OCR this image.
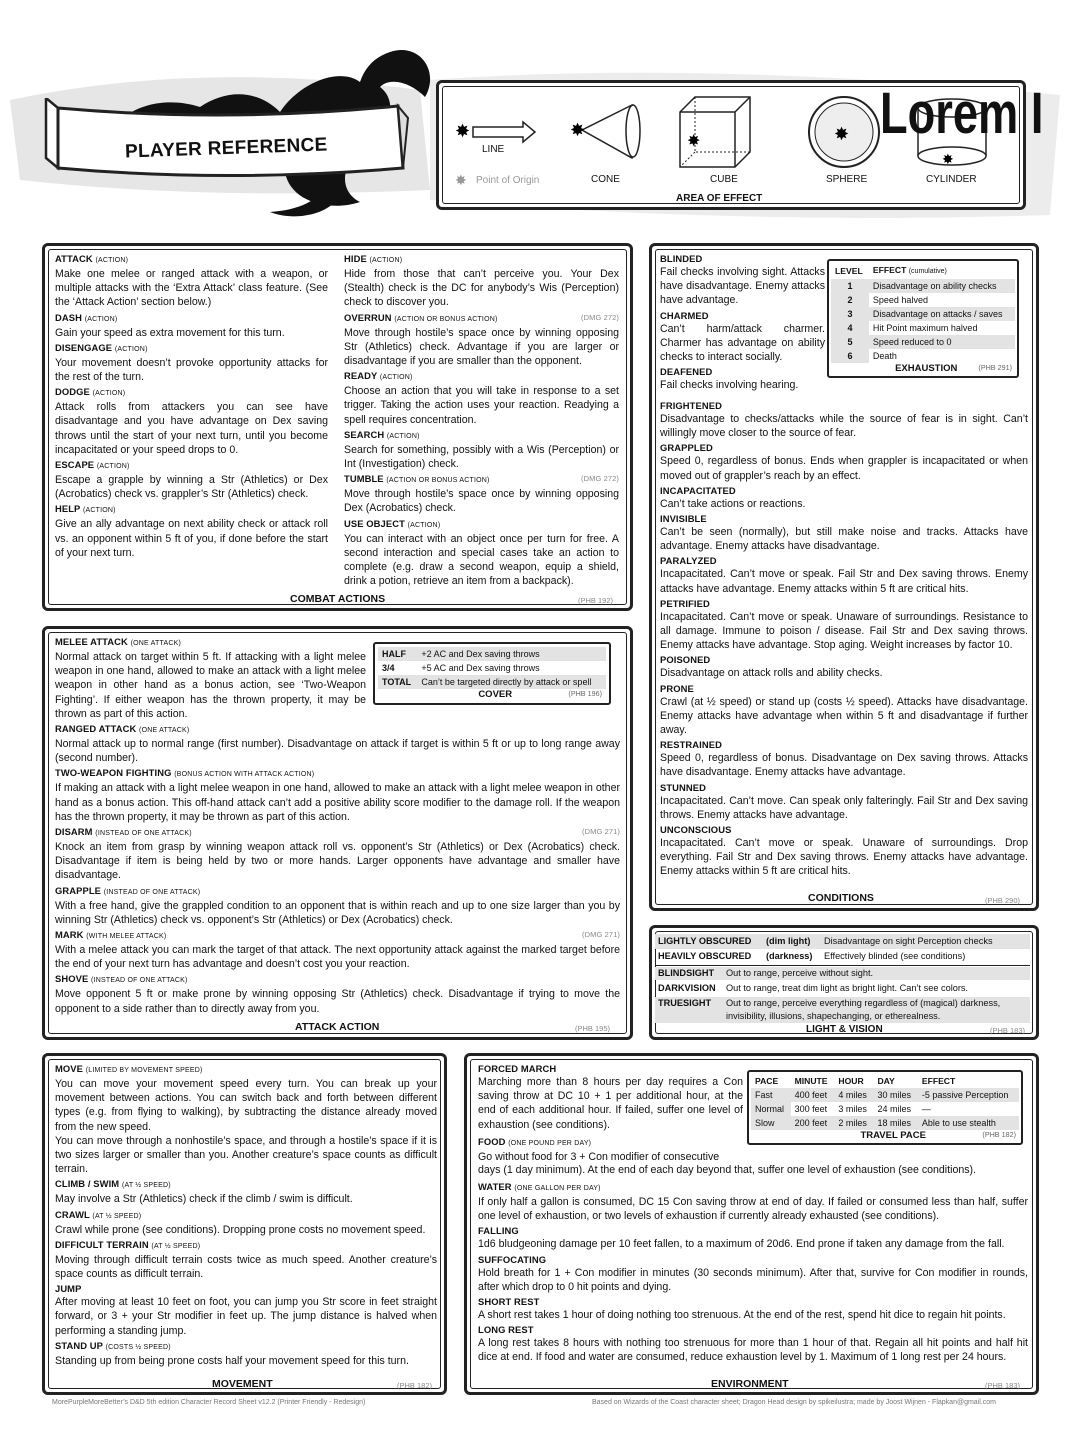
PLAYER REFERENCE
✸
LINE
✸ Point of Origin
✸
CONE
✸
CUBE
✸
SPHERE
✸
CYLINDER
AREA OF EFFECT
Lorem I
ATTACK (ACTION)
Make one melee or ranged attack with a weapon, or multiple attacks with the ‘Extra Attack’ class feature. (See the ‘Attack Action’ section below.)
DASH (ACTION)
Gain your speed as extra movement for this turn.
DISENGAGE (ACTION)
Your movement doesn’t provoke opportunity attacks for the rest of the turn.
DODGE (ACTION)
Attack rolls from attackers you can see have disadvantage and you have advantage on Dex saving throws until the start of your next turn, until you become incapacitated or your speed drops to 0.
ESCAPE (ACTION)
Escape a grapple by winning a Str (Athletics) or Dex (Acrobatics) check vs. grappler’s Str (Athletics) check.
HELP (ACTION)
Give an ally advantage on next ability check or attack roll vs. an opponent within 5 ft of you, if done before the start of your next turn.
HIDE (ACTION)
Hide from those that can’t perceive you. Your Dex (Stealth) check is the DC for anybody’s Wis (Perception) check to discover you.
OVERRUN (ACTION OR BONUS ACTION)	(DMG 272)
Move through hostile’s space once by winning opposing Str (Athletics) check. Advantage if you are larger or disadvantage if you are smaller than the opponent.
READY (ACTION)
Choose an action that you will take in response to a set trigger. Taking the action uses your reaction. Readying a spell requires concentration.
SEARCH (ACTION)
Search for something, possibly with a Wis (Perception) or Int (Investigation) check.
TUMBLE (ACTION OR BONUS ACTION)	(DMG 272)
Move through hostile’s space once by winning opposing Dex (Acrobatics) check.
USE OBJECT (ACTION)
You can interact with an object once per turn for free. A second interaction and special cases take an action to complete (e.g. draw a second weapon, equip a shield, drink a potion, retrieve an item from a backpack).
COMBAT ACTIONS	(PHB 192)
MELEE ATTACK (ONE ATTACK)
Normal attack on target within 5 ft. If attacking with a light melee weapon in one hand, allowed to make an attack with a light melee weapon in other hand as a bonus action, see ‘Two-Weapon Fighting’. If either weapon has the thrown property, it may be thrown as part of this action.
HALF	+2 AC and Dex saving throws
3/4	+5 AC and Dex saving throws
TOTAL	Can’t be targeted directly by attack or spell
COVER	(PHB 196)
RANGED ATTACK (ONE ATTACK)
Normal attack up to normal range (first number). Disadvantage on attack if target is within 5 ft or up to long range away (second number).
TWO-WEAPON FIGHTING (BONUS ACTION WITH ATTACK ACTION)
If making an attack with a light melee weapon in one hand, allowed to make an attack with a light melee weapon in other hand as a bonus action. This off-hand attack can’t add a positive ability score modifier to the damage roll. If the weapon has the thrown property, it may be thrown as part of this action.
DISARM (INSTEAD OF ONE ATTACK)	(DMG 271)
Knock an item from grasp by winning weapon attack roll vs. opponent’s Str (Athletics) or Dex (Acrobatics) check. Disadvantage if item is being held by two or more hands. Larger opponents have advantage and smaller have disadvantage.
GRAPPLE (INSTEAD OF ONE ATTACK)
With a free hand, give the grappled condition to an opponent that is within reach and up to one size larger than you by winning Str (Athletics) check vs. opponent’s Str (Athletics) or Dex (Acrobatics) check.
MARK (WITH MELEE ATTACK)	(DMG 271)
With a melee attack you can mark the target of that attack. The next opportunity attack against the marked target before the end of your next turn has advantage and doesn’t cost you your reaction.
SHOVE (INSTEAD OF ONE ATTACK)
Move opponent 5 ft or make prone by winning opposing Str (Athletics) check. Disadvantage if trying to move the opponent to a side rather than to directly away from you.
ATTACK ACTION	(PHB 195)
BLINDED
Fail checks involving sight. Attacks have disadvantage. Enemy attacks have advantage.
CHARMED
Can’t harm/attack charmer. Charmer has advantage on ability checks to interact socially.
DEAFENED
Fail checks involving hearing.
LEVEL	EFFECT (cumulative)
1	Disadvantage on ability checks
2	Speed halved
3	Disadvantage on attacks / saves
4	Hit Point maximum halved
5	Speed reduced to 0
6	Death
EXHAUSTION	(PHB 291)
FRIGHTENED
Disadvantage to checks/attacks while the source of fear is in sight. Can’t willingly move closer to the source of fear.
GRAPPLED
Speed 0, regardless of bonus. Ends when grappler is incapacitated or when moved out of grappler’s reach by an effect.
INCAPACITATED
Can’t take actions or reactions.
INVISIBLE
Can’t be seen (normally), but still make noise and tracks. Attacks have advantage. Enemy attacks have disadvantage.
PARALYZED
Incapacitated. Can’t move or speak. Fail Str and Dex saving throws. Enemy attacks have advantage. Enemy attacks within 5 ft are critical hits.
PETRIFIED
Incapacitated. Can’t move or speak. Unaware of surroundings. Resistance to all damage. Immune to poison / disease. Fail Str and Dex saving throws. Enemy attacks have advantage. Stop aging. Weight increases by factor 10.
POISONED
Disadvantage on attack rolls and ability checks.
PRONE
Crawl (at ½ speed) or stand up (costs ½ speed). Attacks have disadvantage. Enemy attacks have advantage when within 5 ft and disadvantage if further away.
RESTRAINED
Speed 0, regardless of bonus. Disadvantage on Dex saving throws. Attacks have disadvantage. Enemy attacks have advantage.
STUNNED
Incapacitated. Can’t move. Can speak only falteringly. Fail Str and Dex saving throws. Enemy attacks have advantage.
UNCONSCIOUS
Incapacitated. Can’t move or speak. Unaware of surroundings. Drop everything. Fail Str and Dex saving throws. Enemy attacks have advantage. Enemy attacks within 5 ft are critical hits.
CONDITIONS	(PHB 290)
LIGHTLY OBSCURED	(dim light)	Disadvantage on sight Perception checks
HEAVILY OBSCURED	(darkness)	Effectively blinded (see conditions)
BLINDSIGHT	Out to range, perceive without sight.
DARKVISION	Out to range, treat dim light as bright light. Can’t see colors.
TRUESIGHT	Out to range, perceive everything regardless of (magical) darkness, invisibility, illusions, shapechanging, or etherealness.
LIGHT & VISION	(PHB 183)
MOVE (LIMITED BY MOVEMENT SPEED)
You can move your movement speed every turn. You can break up your movement between actions. You can switch back and forth between different types (e.g. from flying to walking), by subtracting the distance already moved from the new speed.
You can move through a nonhostile’s space, and through a hostile’s space if it is two sizes larger or smaller than you. Another creature’s space counts as difficult terrain.
CLIMB / SWIM (AT ½ SPEED)
May involve a Str (Athletics) check if the climb / swim is difficult.
CRAWL (AT ½ SPEED)
Crawl while prone (see conditions). Dropping prone costs no movement speed.
DIFFICULT TERRAIN (AT ½ SPEED)
Moving through difficult terrain costs twice as much speed. Another creature’s space counts as difficult terrain.
JUMP
After moving at least 10 feet on foot, you can jump you Str score in feet straight forward, or 3 + your Str modifier in feet up. The jump distance is halved when performing a standing jump.
STAND UP (COSTS ½ SPEED)
Standing up from being prone costs half your movement speed for this turn.
MOVEMENT	(PHB 182)
FORCED MARCH
Marching more than 8 hours per day requires a Con saving throw at DC 10 + 1 per additional hour, at the end of each additional hour. If failed, suffer one level of exhaustion (see conditions).
PACE	MINUTE	HOUR	DAY	EFFECT
Fast	400 feet	4 miles	30 miles	-5 passive Perception
Normal	300 feet	3 miles	24 miles	—
Slow	200 feet	2 miles	18 miles	Able to use stealth
TRAVEL PACE	(PHB 182)
FOOD (ONE POUND PER DAY)
Go without food for 3 + Con modifier of consecutive
days (1 day minimum). At the end of each day beyond that, suffer one level of exhaustion (see conditions).
WATER (ONE GALLON PER DAY)
If only half a gallon is consumed, DC 15 Con saving throw at end of day. If failed or consumed less than half, suffer one level of exhaustion, or two levels of exhaustion if currently already exhausted (see conditions).
FALLING
1d6 bludgeoning damage per 10 feet fallen, to a maximum of 20d6. End prone if taken any damage from the fall.
SUFFOCATING
Hold breath for 1 + Con modifier in minutes (30 seconds minimum). After that, survive for Con modifier in rounds, after which drop to 0 hit points and dying.
SHORT REST
A short rest takes 1 hour of doing nothing too strenuous. At the end of the rest, spend hit dice to regain hit points.
LONG REST
A long rest takes 8 hours with nothing too strenuous for more than 1 hour of that. Regain all hit points and half hit dice at end. If food and water are consumed, reduce exhaustion level by 1. Maximum of 1 long rest per 24 hours.
ENVIRONMENT	(PHB 183)
MorePurpleMoreBetter’s D&D 5th edition Character Record Sheet v12.2 (Printer Friendly - Redesign)	Based on Wizards of the Coast character sheet; Dragon Head design by spikeilustra; made by Joost Wijnen - Flapkan@gmail.com
